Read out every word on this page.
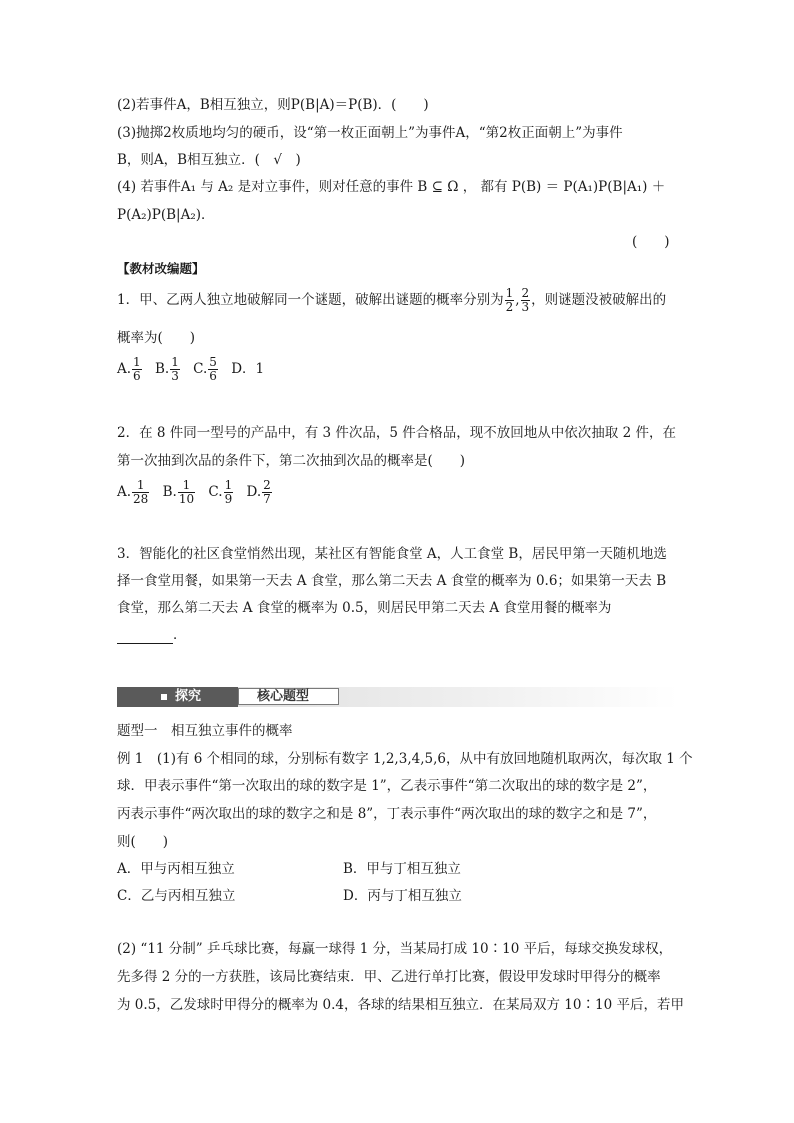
(2)若事件A，B相互独立，则P(B|A)＝P(B)．(　　)
(3)抛掷2枚质地均匀的硬币，设“第一枚正面朝上”为事件A，“第2枚正面朝上”为事件
B，则A，B相互独立．(　√　)
(4) 若事件A₁ 与 A₂ 是对立事件，则对任意的事件 B ⊆ Ω ， 都有 P(B) ＝ P(A₁)P(B|A₁) ＋
P(A₂)P(B|A₂)．
(　　)
【教材改编题】
1．甲、乙两人独立地破解同一个谜题，破解出谜题的概率分别为 $\frac{1}{2}$ , $\frac{2}{3}$ ，则谜题没被破解出的
概率为(　　)
A. $\frac{1}{6} B$. $\frac{1}{3} C$. $\frac{5}{6}$ D．1
2．在 8 件同一型号的产品中，有 3 件次品，5 件合格品，现不放回地从中依次抽取 2 件，在
第一次抽到次品的条件下，第二次抽到次品的概率是(　　)
A. $\frac{1}{28} B$. $\frac{1}{10} C$. $\frac{1}{9} D$. $\frac{2}{7}$
3．智能化的社区食堂悄然出现，某社区有智能食堂 A，人工食堂 B，居民甲第一天随机地选
择一食堂用餐，如果第一天去 A 食堂，那么第二天去 A 食堂的概率为 0.6；如果第一天去 B
食堂，那么第二天去 A 食堂的概率为 0.5，则居民甲第二天去 A 食堂用餐的概率为
．
探究	核心题型
题型一　相互独立事件的概率
例 1　(1)有 6 个相同的球，分别标有数字 1,2,3,4,5,6，从中有放回地随机取两次，每次取 1 个
球．甲表示事件“第一次取出的球的数字是 1”，乙表示事件“第二次取出的球的数字是 2”，
丙表示事件“两次取出的球的数字之和是 8”，丁表示事件“两次取出的球的数字之和是 7”，
则(　　)
A．甲与丙相互独立	B．甲与丁相互独立
C．乙与丙相互独立	D．丙与丁相互独立
(2) “11 分制” 乒乓球比赛，每赢一球得 1 分，当某局打成 10∶10 平后，每球交换发球权，
先多得 2 分的一方获胜，该局比赛结束．甲、乙进行单打比赛，假设甲发球时甲得分的概率
为 0.5，乙发球时甲得分的概率为 0.4，各球的结果相互独立．在某局双方 10∶10 平后，若甲
